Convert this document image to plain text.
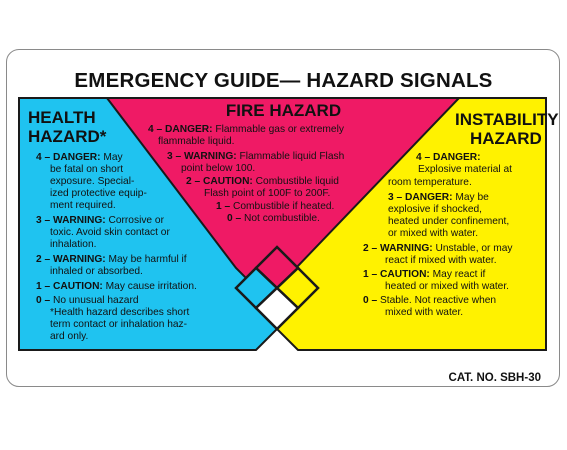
EMERGENCY GUIDE— HAZARD SIGNALS
HEALTH
HAZARD*
4 – DANGER: May
be fatal on short
exposure. Special-
ized protective equip-
ment required.
3 – WARNING: Corrosive or
toxic. Avoid skin contact or
inhalation.
2 – WARNING: May be harmful if
inhaled or absorbed.
1 – CAUTION: May cause irritation.
0 – No unusual hazard
*Health hazard describes short
term contact or inhalation haz-
ard only.
FIRE HAZARD
4 – DANGER: Flammable gas or extremely
flammable liquid.
3 – WARNING: Flammable liquid Flash
point below 100.
2 – CAUTION: Combustible liquid
Flash point of 100F to 200F.
1 – Combustible if heated.
0 – Not combustible.
INSTABILITY
HAZARD
4 – DANGER:
Explosive material at
room temperature.
3 – DANGER: May be
explosive if shocked,
heated under confinement,
or mixed with water.
2 – WARNING: Unstable, or may
react if mixed with water.
1 – CAUTION: May react if
heated or mixed with water.
0 – Stable. Not reactive when
mixed with water.
CAT. NO. SBH-30
